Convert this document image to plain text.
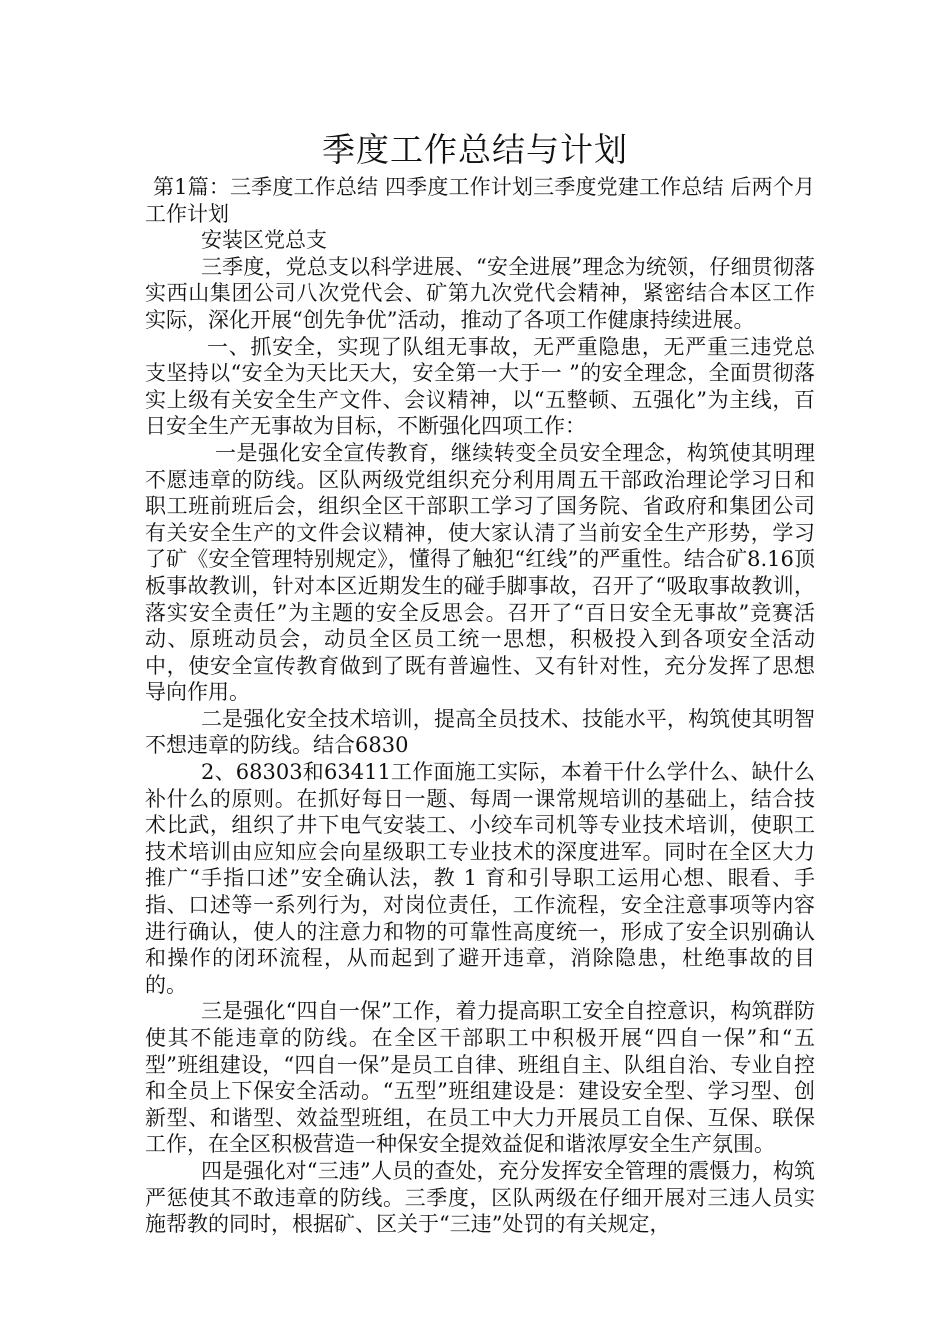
季度工作总结与计划

第1篇：三季度工作总结 四季度工作计划三季度党建工作总结 后两个月工作计划

安装区党总支

三季度，党总支以科学进展、“安全进展”理念为统领，仔细贯彻落实西山集团公司八次党代会、矿第九次党代会精神，紧密结合本区工作实际，深化开展“创先争优”活动，推动了各项工作健康持续进展。

一、抓安全，实现了队组无事故，无严重隐患，无严重三违党总支坚持以“安全为天比天大，安全第一大于一 ”的安全理念，全面贯彻落实上级有关安全生产文件、会议精神，以“五整顿、五强化”为主线，百日安全生产无事故为目标，不断强化四项工作：

一是强化安全宣传教育，继续转变全员安全理念，构筑使其明理不愿违章的防线。区队两级党组织充分利用周五干部政治理论学习日和职工班前班后会，组织全区干部职工学习了国务院、省政府和集团公司有关安全生产的文件会议精神，使大家认清了当前安全生产形势，学习了矿《安全管理特别规定》，懂得了触犯“红线”的严重性。结合矿8.16顶板事故教训，针对本区近期发生的碰手脚事故，召开了“吸取事故教训，落实安全责任”为主题的安全反思会。召开了“百日安全无事故”竞赛活动、原班动员会，动员全区员工统一思想，积极投入到各项安全活动中，使安全宣传教育做到了既有普遍性、又有针对性，充分发挥了思想导向作用。

二是强化安全技术培训，提高全员技术、技能水平，构筑使其明智不想违章的防线。结合6830

2、68303和63411工作面施工实际，本着干什么学什么、缺什么补什么的原则。在抓好每日一题、每周一课常规培训的基础上，结合技术比武，组织了井下电气安装工、小绞车司机等专业技术培训，使职工技术培训由应知应会向星级职工专业技术的深度进军。同时在全区大力推广“手指口述”安全确认法，教 1 育和引导职工运用心想、眼看、手指、口述等一系列行为，对岗位责任，工作流程，安全注意事项等内容进行确认，使人的注意力和物的可靠性高度统一，形成了安全识别确认和操作的闭环流程，从而起到了避开违章，消除隐患，杜绝事故的目的。

三是强化“四自一保”工作，着力提高职工安全自控意识，构筑群防使其不能违章的防线。在全区干部职工中积极开展“四自一保”和“五型”班组建设，“四自一保”是员工自律、班组自主、队组自治、专业自控和全员上下保安全活动。“五型”班组建设是：建设安全型、学习型、创新型、和谐型、效益型班组，在员工中大力开展员工自保、互保、联保工作，在全区积极营造一种保安全提效益促和谐浓厚安全生产氛围。

四是强化对“三违”人员的查处，充分发挥安全管理的震慑力，构筑严惩使其不敢违章的防线。三季度，区队两级在仔细开展对三违人员实施帮教的同时，根据矿、区关于“三违”处罚的有关规定，
